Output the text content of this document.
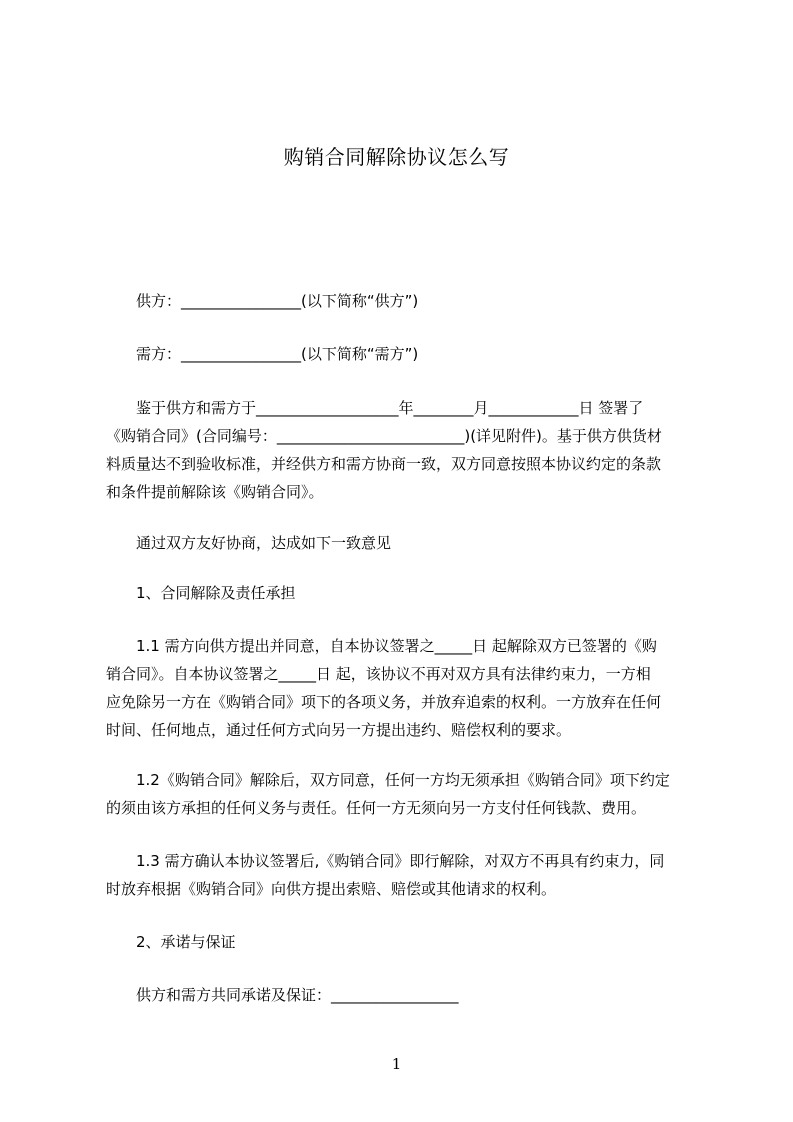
购销合同解除协议怎么写
供方：________________(以下简称“供方”)
需方：________________(以下简称“需方”)
鉴于供方和需方于___________________年________月____________日 签署了
《购销合同》(合同编号：_________________________)(详见附件)。基于供方供货材
料质量达不到验收标准，并经供方和需方协商一致，双方同意按照本协议约定的条款
和条件提前解除该《购销合同》。
通过双方友好协商，达成如下一致意见
1、合同解除及责任承担
1.1 需方向供方提出并同意，自本协议签署之_____日 起解除双方已签署的《购
销合同》。自本协议签署之_____日 起，该协议不再对双方具有法律约束力，一方相
应免除另一方在《购销合同》项下的各项义务，并放弃追索的权利。一方放弃在任何
时间、任何地点，通过任何方式向另一方提出违约、赔偿权利的要求。
1.2《购销合同》解除后，双方同意，任何一方均无须承担《购销合同》项下约定
的须由该方承担的任何义务与责任。任何一方无须向另一方支付任何钱款、费用。
1.3 需方确认本协议签署后,《购销合同》即行解除，对双方不再具有约束力，同
时放弃根据《购销合同》向供方提出索赔、赔偿或其他请求的权利。
2、承诺与保证
供方和需方共同承诺及保证：_________________
1
